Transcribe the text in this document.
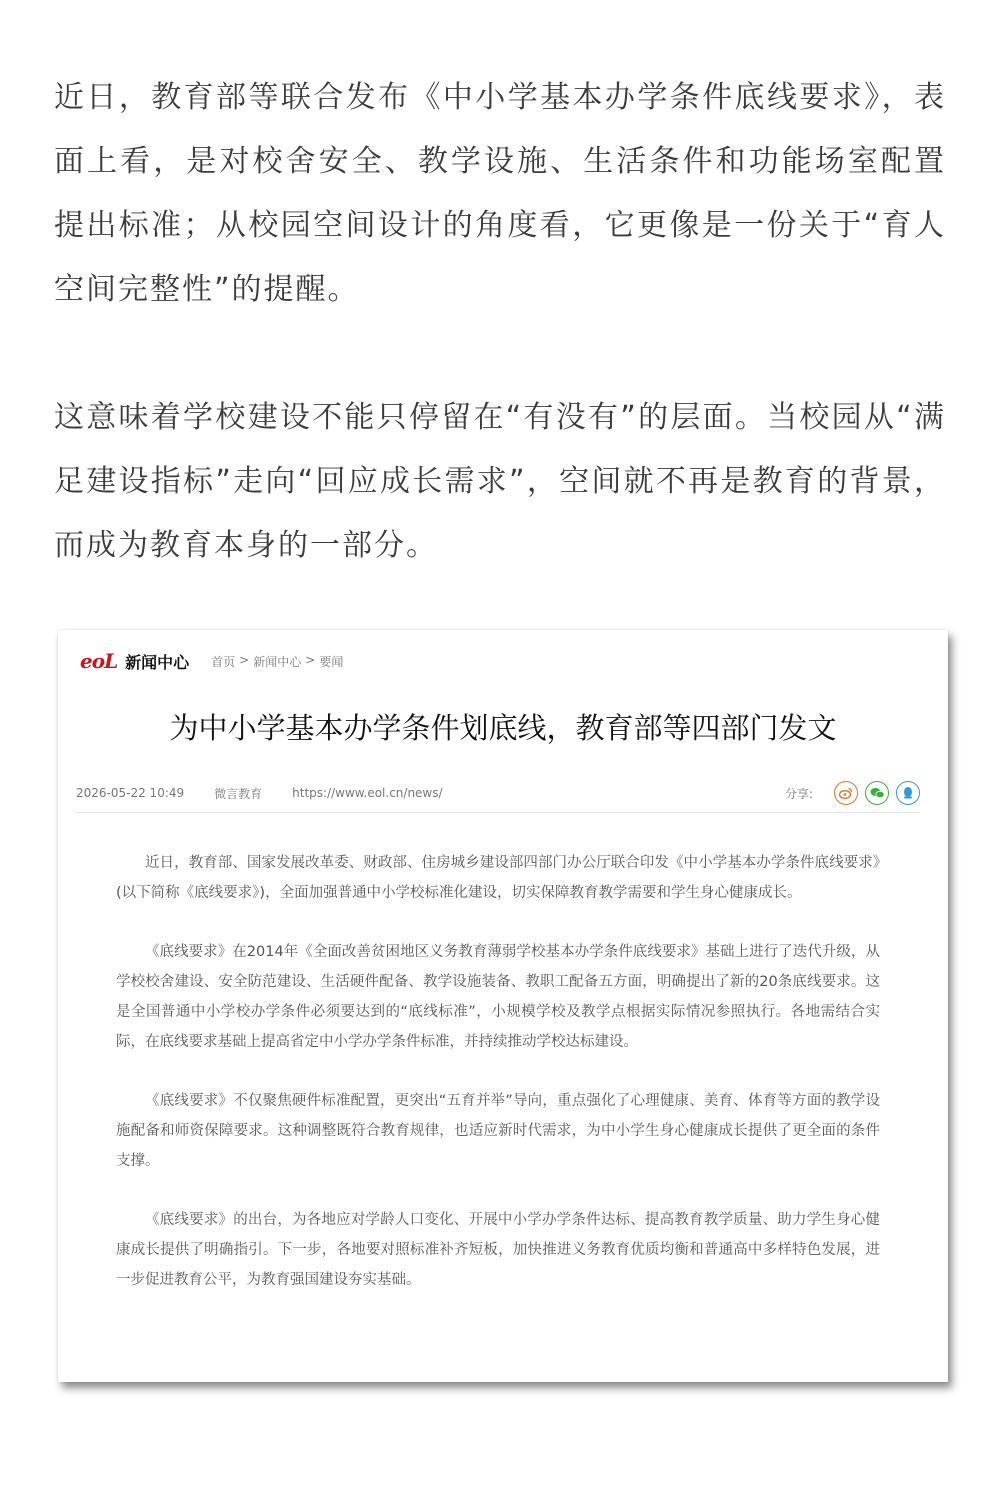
近日，教育部等联合发布《中小学基本办学条件底线要求》，表面上看，是对校舍安全、教学设施、生活条件和功能场室配置提出标准；从校园空间设计的角度看，它更像是一份关于“育人空间完整性”的提醒。

这意味着学校建设不能只停留在“有没有”的层面。当校园从“满足建设指标”走向“回应成长需求”，空间就不再是教育的背景，而成为教育本身的一部分。

eoL 新闻中心 首页 > 新闻中心 > 要闻
为中小学基本办学条件划底线，教育部等四部门发文
2026-05-22 10:49	微言教育	https://www.eol.cn/news/	分享:

近日，教育部、国家发展改革委、财政部、住房城乡建设部四部门办公厅联合印发《中小学基本办学条件底线要求》(以下简称《底线要求》)，全面加强普通中小学校标准化建设，切实保障教育教学需要和学生身心健康成长。

《底线要求》在2014年《全面改善贫困地区义务教育薄弱学校基本办学条件底线要求》基础上进行了迭代升级，从学校校舍建设、安全防范建设、生活硬件配备、教学设施装备、教职工配备五方面，明确提出了新的20条底线要求。这是全国普通中小学校办学条件必须要达到的“底线标准”，小规模学校及教学点根据实际情况参照执行。各地需结合实际，在底线要求基础上提高省定中小学办学条件标准，并持续推动学校达标建设。

《底线要求》不仅聚焦硬件标准配置，更突出“五育并举”导向，重点强化了心理健康、美育、体育等方面的教学设施配备和师资保障要求。这种调整既符合教育规律，也适应新时代需求，为中小学生身心健康成长提供了更全面的条件支撑。

《底线要求》的出台，为各地应对学龄人口变化、开展中小学办学条件达标、提高教育教学质量、助力学生身心健康成长提供了明确指引。下一步，各地要对照标准补齐短板，加快推进义务教育优质均衡和普通高中多样特色发展，进一步促进教育公平，为教育强国建设夯实基础。
